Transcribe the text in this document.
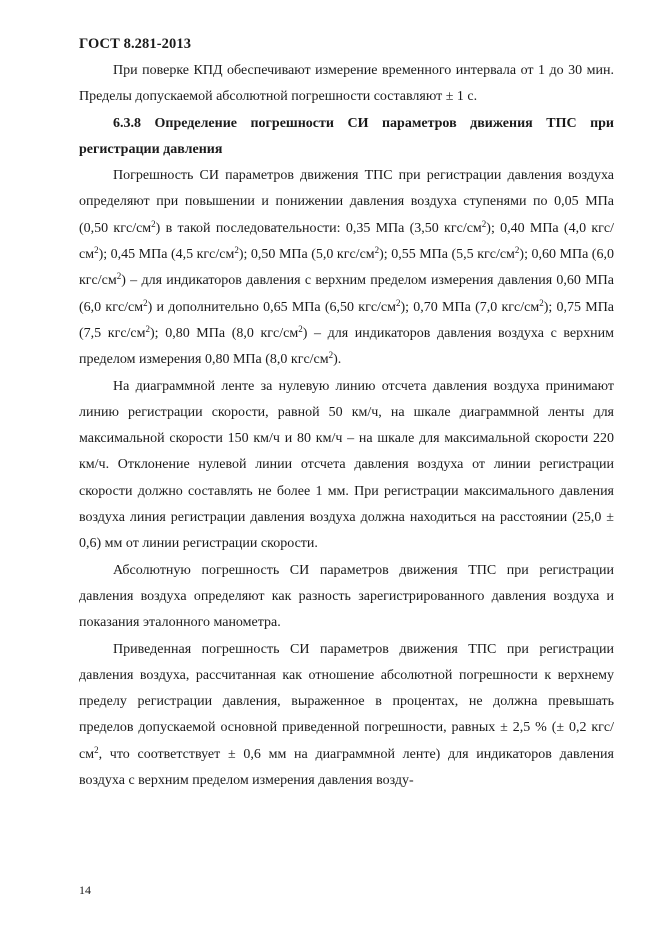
ГОСТ 8.281-2013

При поверке КПД обеспечивают измерение временного интервала от 1 до 30 мин. Пределы допускаемой абсолютной погрешности составляют ± 1 с.

6.3.8 Определение погрешности СИ параметров движения ТПС при регистрации давления

Погрешность СИ параметров движения ТПС при регистрации давления воздуха определяют при повышении и понижении давления воздуха ступенями по 0,05 МПа (0,50 кгс/$см^2$) в такой последовательности: 0,35 МПа (3,50 кгс/$см^2$); 0,40 МПа (4,0 кгс/$см^2$); 0,45 МПа (4,5 кгс/$см^2$); 0,50 МПа (5,0 кгс/$см^2$); 0,55 МПа (5,5 кгс/$см^2$); 0,60 МПа (6,0 кгс/$см^2$) – для индикаторов давления с верхним пределом измерения давления 0,60 МПа (6,0 кгс/$см^2$) и дополнительно 0,65 МПа (6,50 кгс/$см^2$); 0,70 МПа (7,0 кгс/$см^2$); 0,75 МПа (7,5 кгс/$см^2$); 0,80 МПа (8,0 кгс/$см^2$) – для индикаторов давления воздуха с верхним пределом измерения 0,80 МПа (8,0 кгс/$см^2$).

На диаграммной ленте за нулевую линию отсчета давления воздуха принимают линию регистрации скорости, равной 50 км/ч, на шкале диаграммной ленты для максимальной скорости 150 км/ч и 80 км/ч – на шкале для максимальной скорости 220 км/ч. Отклонение нулевой линии отсчета давления воздуха от линии регистрации скорости должно составлять не более 1 мм. При регистрации максимального давления воздуха линия регистрации давления воздуха должна находиться на расстоянии (25,0 ± 0,6) мм от линии регистрации скорости.

Абсолютную погрешность СИ параметров движения ТПС при регистрации давления воздуха определяют как разность зарегистрированного давления воздуха и показания эталонного манометра.

Приведенная погрешность СИ параметров движения ТПС при регистрации давления воздуха, рассчитанная как отношение абсолютной погрешности к верхнему пределу регистрации давления, выраженное в процентах, не должна превышать пределов допускаемой основной приведенной погрешности, равных ± 2,5 % (± 0,2 кгс/$см^2$, что соответствует ± 0,6 мм на диаграммной ленте) для индикаторов давления воздуха с верхним пределом измерения давления возду-

14
